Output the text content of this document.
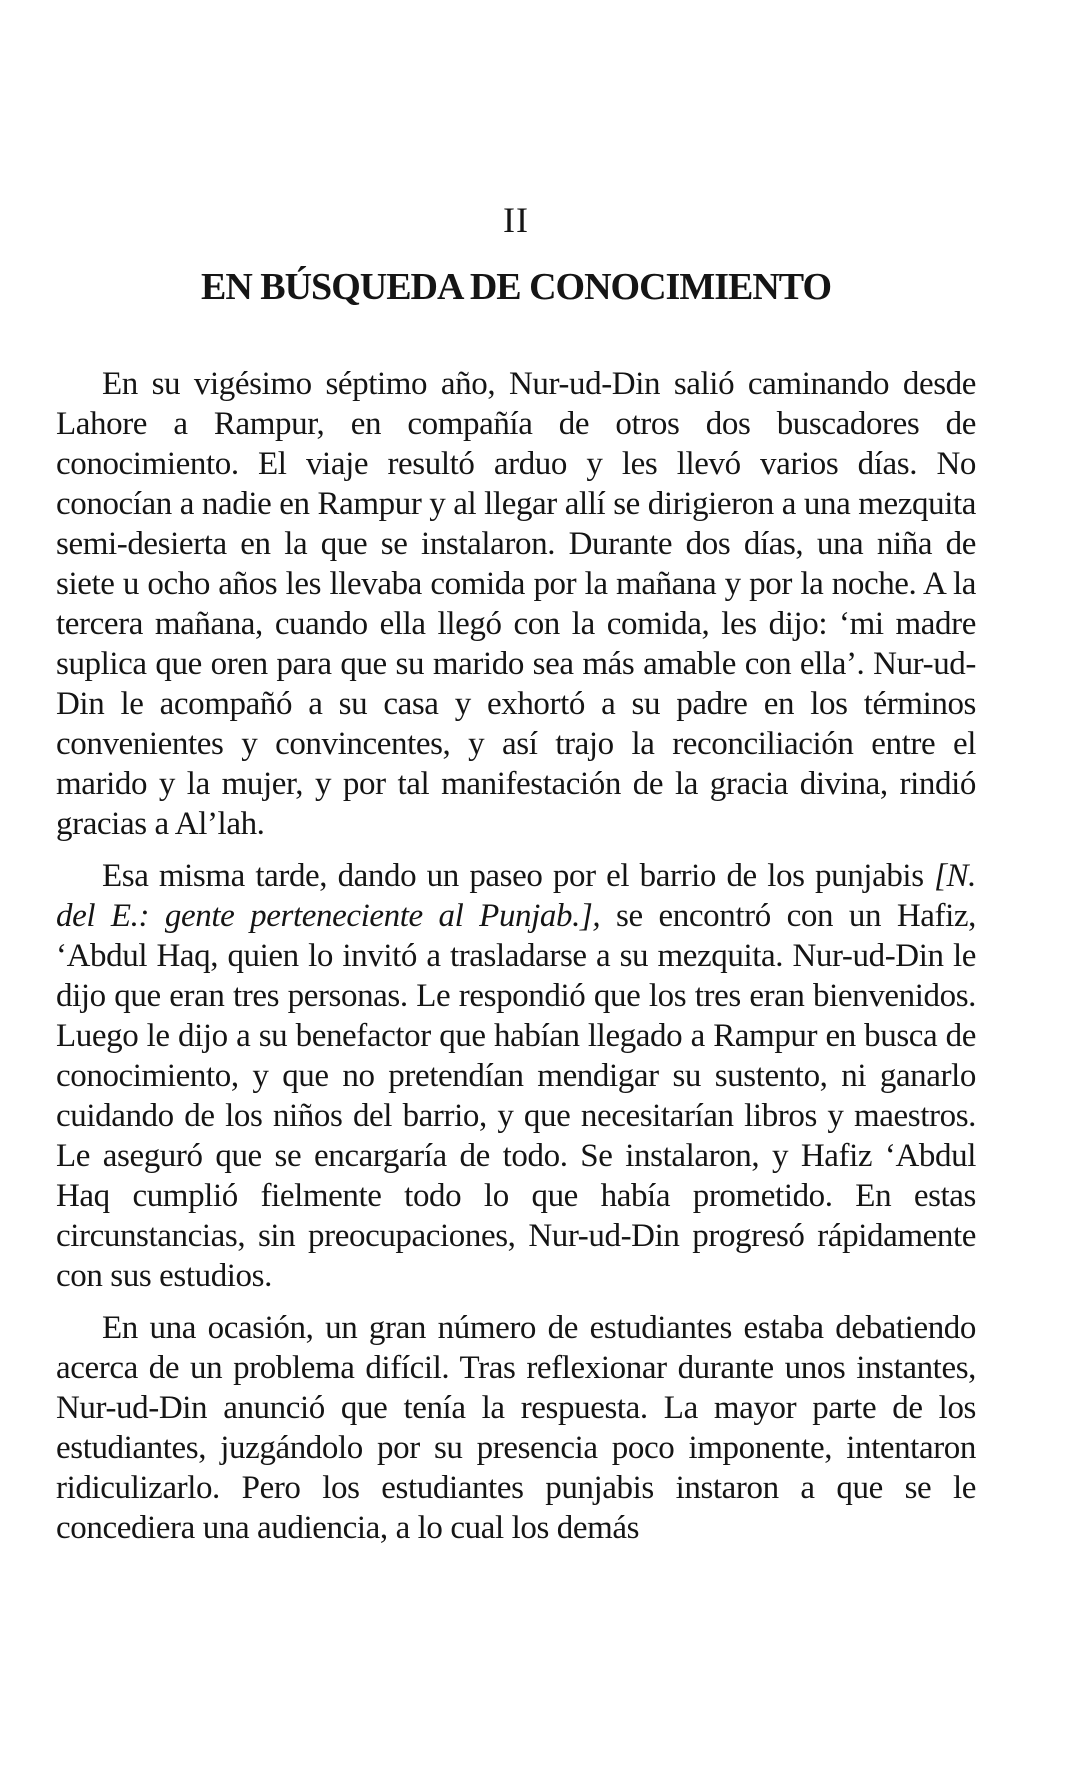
II
EN BÚSQUEDA DE CONOCIMIENTO

En su vigésimo séptimo año, Nur-ud-Din salió caminando desde Lahore a Rampur, en compañía de otros dos buscadores de conocimiento. El viaje resultó arduo y les llevó varios días. No conocían a nadie en Rampur y al llegar allí se dirigieron a una mezquita semi-desierta en la que se instalaron. Durante dos días, una niña de siete u ocho años les llevaba comida por la mañana y por la noche. A la tercera mañana, cuando ella llegó con la comida, les dijo: ‘mi madre suplica que oren para que su marido sea más amable con ella’. Nur-ud-Din le acompañó a su casa y exhortó a su padre en los términos convenientes y convincentes, y así trajo la reconciliación entre el marido y la mujer, y por tal manifestación de la gracia divina, rindió gracias a Al’lah.

Esa misma tarde, dando un paseo por el barrio de los punjabis [N. del E.: gente perteneciente al Punjab.], se encontró con un Hafiz, ‘Abdul Haq, quien lo invitó a trasladarse a su mezquita. Nur-ud-Din le dijo que eran tres personas. Le respondió que los tres eran bienvenidos. Luego le dijo a su benefactor que habían llegado a Rampur en busca de conocimiento, y que no pretendían mendigar su sustento, ni ganarlo cuidando de los niños del barrio, y que necesitarían libros y maestros. Le aseguró que se encargaría de todo. Se instalaron, y Hafiz ‘Abdul Haq cumplió fielmente todo lo que había prometido. En estas circunstancias, sin preocupaciones, Nur-ud-Din progresó rápidamente con sus estudios.

En una ocasión, un gran número de estudiantes estaba debatiendo acerca de un problema difícil. Tras reflexionar durante unos instantes, Nur-ud-Din anunció que tenía la respuesta. La mayor parte de los estudiantes, juzgándolo por su presencia poco imponente, intentaron ridiculizarlo. Pero los estudiantes punjabis instaron a que se le concediera una audiencia, a lo cual los demás
